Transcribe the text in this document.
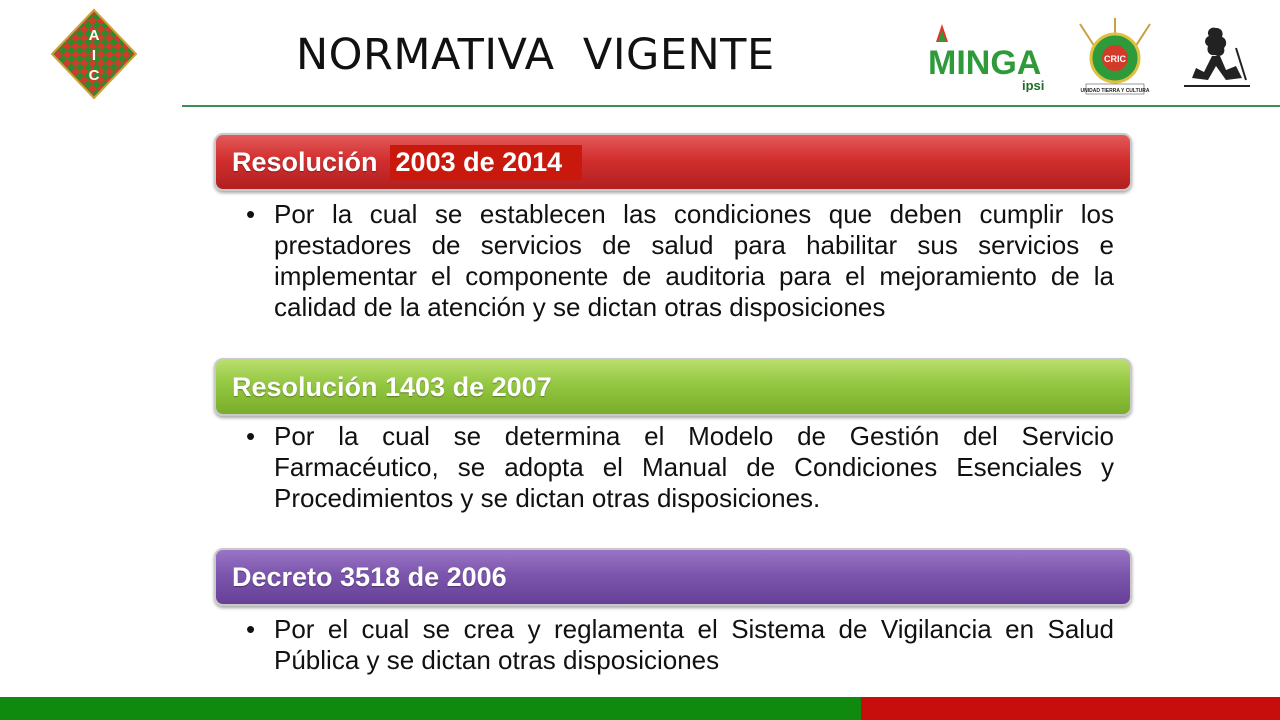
A
I
C	NORMATIVA  VIGENTE	MINGA
ipsi
CRIC
UNIDAD TIERRA Y CULTURA
Resolución 2003 de 2014
• Por la cual se establecen las condiciones que deben cumplir los prestadores de servicios de salud para habilitar sus servicios e implementar el componente de auditoria para el mejoramiento de la calidad de la atención y se dictan otras disposiciones
Resolución 1403 de 2007
• Por la cual se determina el Modelo de Gestión del Servicio Farmacéutico, se adopta el Manual de Condiciones Esenciales y Procedimientos y se dictan otras disposiciones.
Decreto 3518 de 2006
• Por el cual se crea y reglamenta el Sistema de Vigilancia en Salud Pública y se dictan otras disposiciones
